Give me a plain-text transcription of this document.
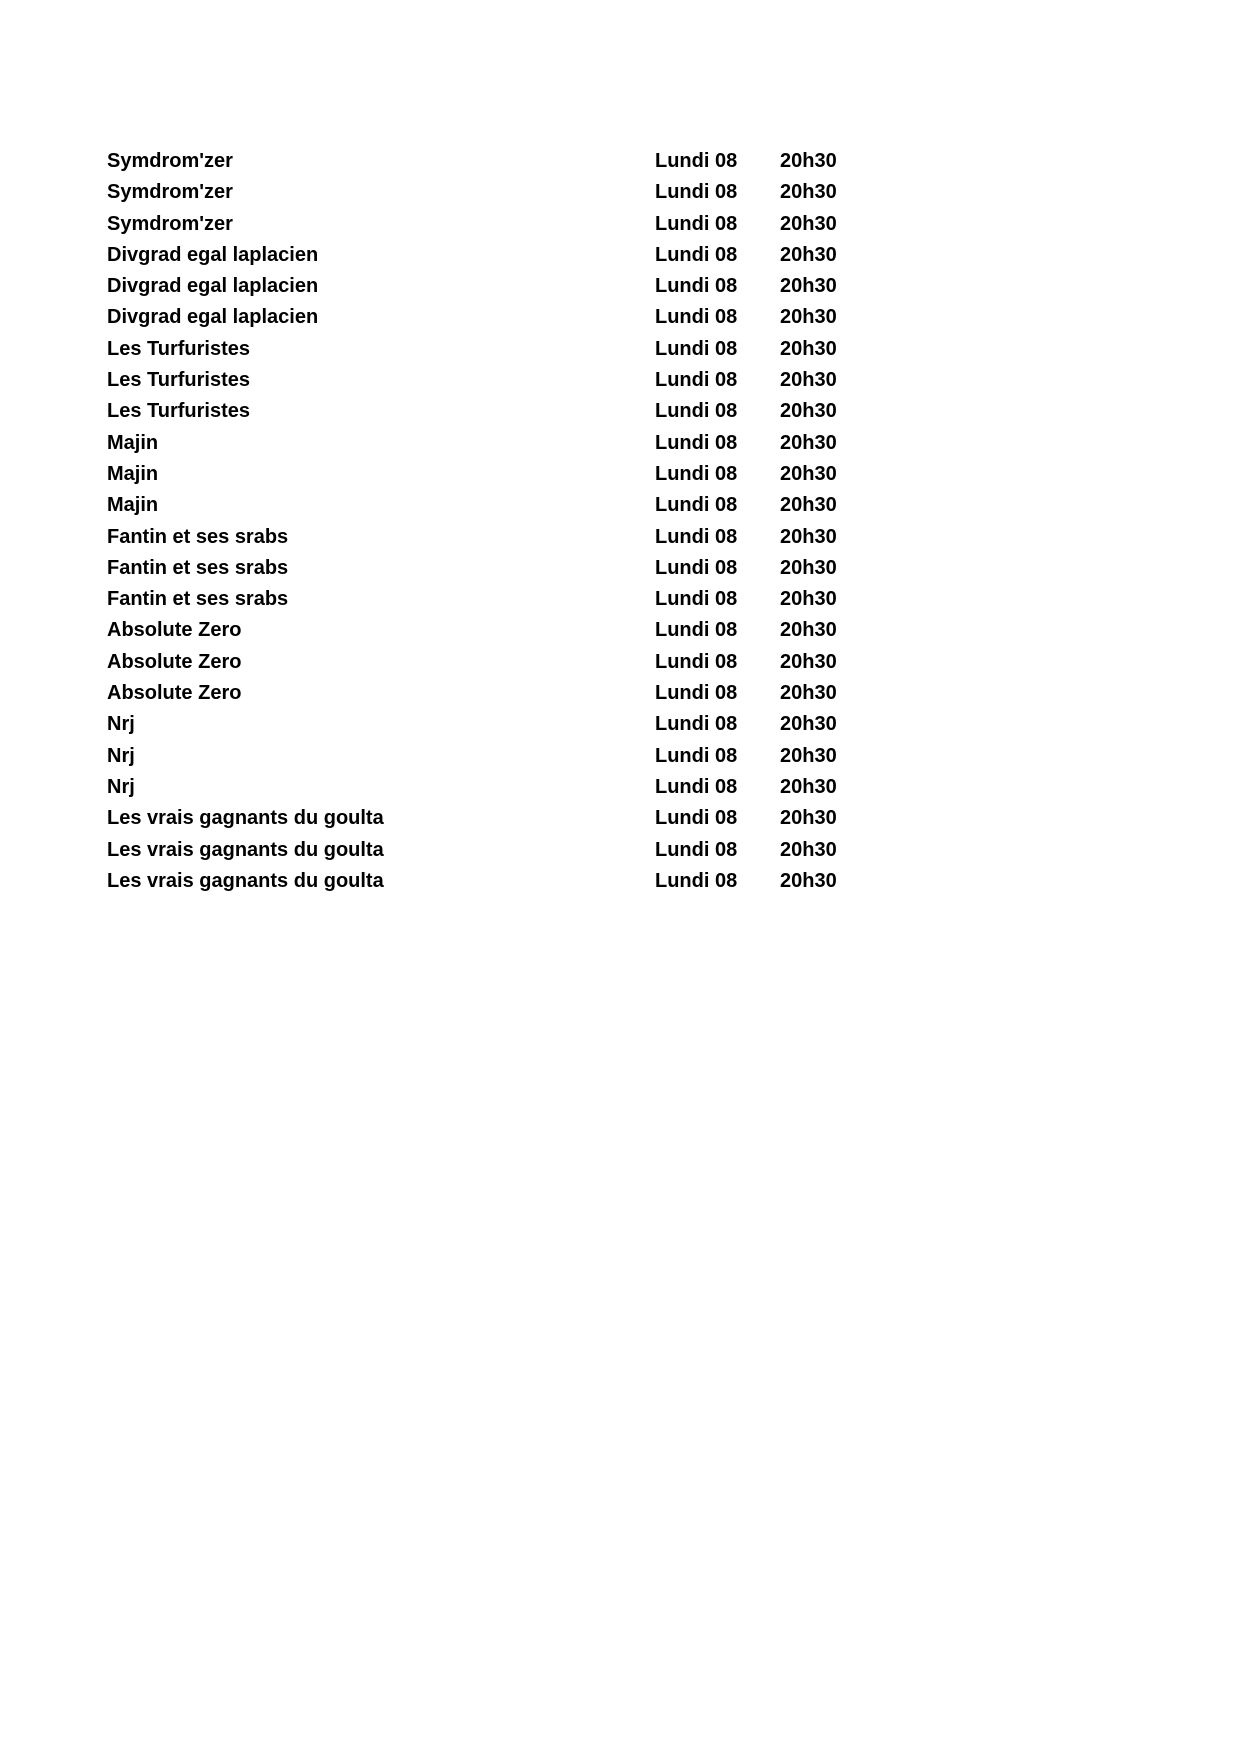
Symdrom'zer	Lundi 08 20h30
Symdrom'zer	Lundi 08 20h30
Symdrom'zer	Lundi 08 20h30
Divgrad egal laplacien	Lundi 08 20h30
Divgrad egal laplacien	Lundi 08 20h30
Divgrad egal laplacien	Lundi 08 20h30
Les Turfuristes	Lundi 08 20h30
Les Turfuristes	Lundi 08 20h30
Les Turfuristes	Lundi 08 20h30
Majin	Lundi 08 20h30
Majin	Lundi 08 20h30
Majin	Lundi 08 20h30
Fantin et ses srabs	Lundi 08 20h30
Fantin et ses srabs	Lundi 08 20h30
Fantin et ses srabs	Lundi 08 20h30
Absolute Zero	Lundi 08 20h30
Absolute Zero	Lundi 08 20h30
Absolute Zero	Lundi 08 20h30
Nrj	Lundi 08 20h30
Nrj	Lundi 08 20h30
Nrj	Lundi 08 20h30
Les vrais gagnants du goulta	Lundi 08 20h30
Les vrais gagnants du goulta	Lundi 08 20h30
Les vrais gagnants du goulta	Lundi 08 20h30
